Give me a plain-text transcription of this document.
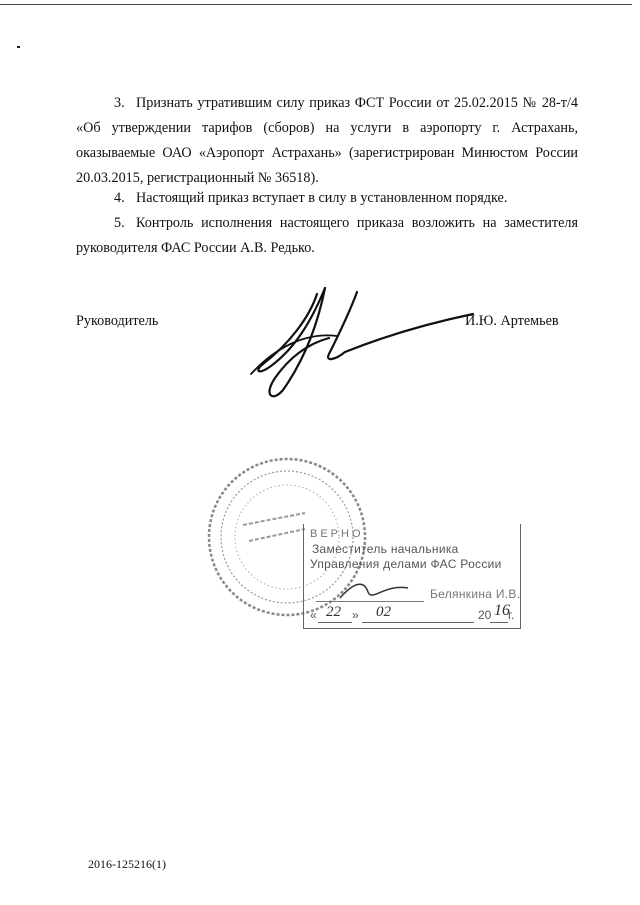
3. Признать утратившим силу приказ ФСТ России от 25.02.2015 № 28-т/4 «Об утверждении тарифов (сборов) на услуги в аэропорту г. Астрахань, оказываемые ОАО «Аэропорт Астрахань» (зарегистрирован Минюстом России 20.03.2015, регистрационный № 36518).

4. Настоящий приказ вступает в силу в установленном порядке.

5. Контроль исполнения настоящего приказа возложить на заместителя руководителя ФАС России А.В. Редько.

Руководитель	И.Ю. Артемьев
ВЕРНО
Заместитель начальника
Управления делами ФАС России
Белянкина И.В.
« 22 » 02	20 16
г.
2016-125216(1)
